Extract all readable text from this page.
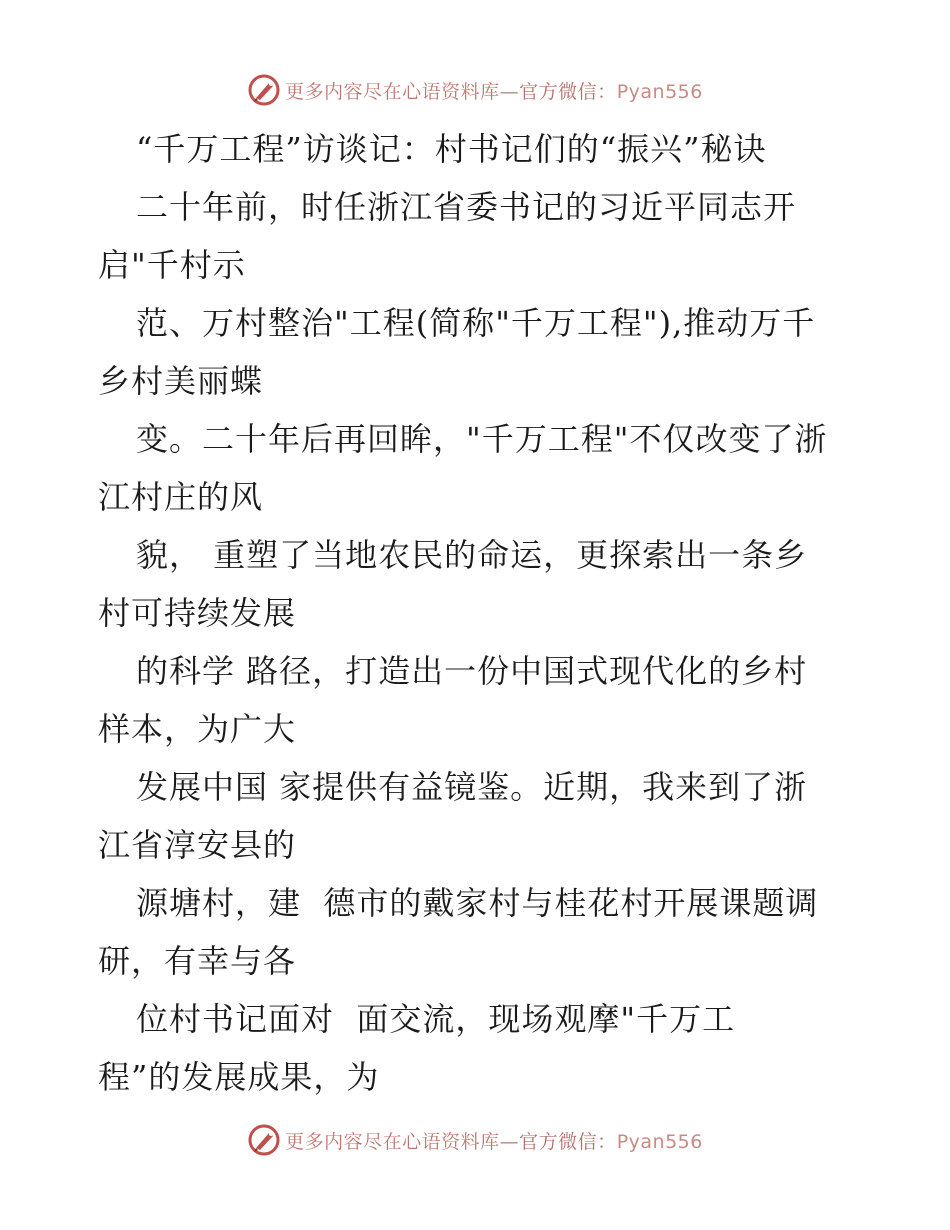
更多内容尽在心语资料库—官方微信：Pyan556
“千万工程”访谈记：村书记们的“振兴”秘诀

二十年前，时任浙江省委书记的习近平同志开

启"千村示

范、万村整治"工程(简称"千万工程"),推动万千

乡村美丽蝶

变。二十年后再回眸，"千万工程"不仅改变了浙

江村庄的风

貌， 重塑了当地农民的命运，更探索出一条乡

村可持续发展

的科学 路径，打造出一份中国式现代化的乡村

样本，为广大

发展中国 家提供有益镜鉴。近期，我来到了浙

江省淳安县的

源塘村，建  德市的戴家村与桂花村开展课题调

研，有幸与各

位村书记面对  面交流，现场观摩"千万工

程”的发展成果，为

更多内容尽在心语资料库—官方微信：Pyan556
